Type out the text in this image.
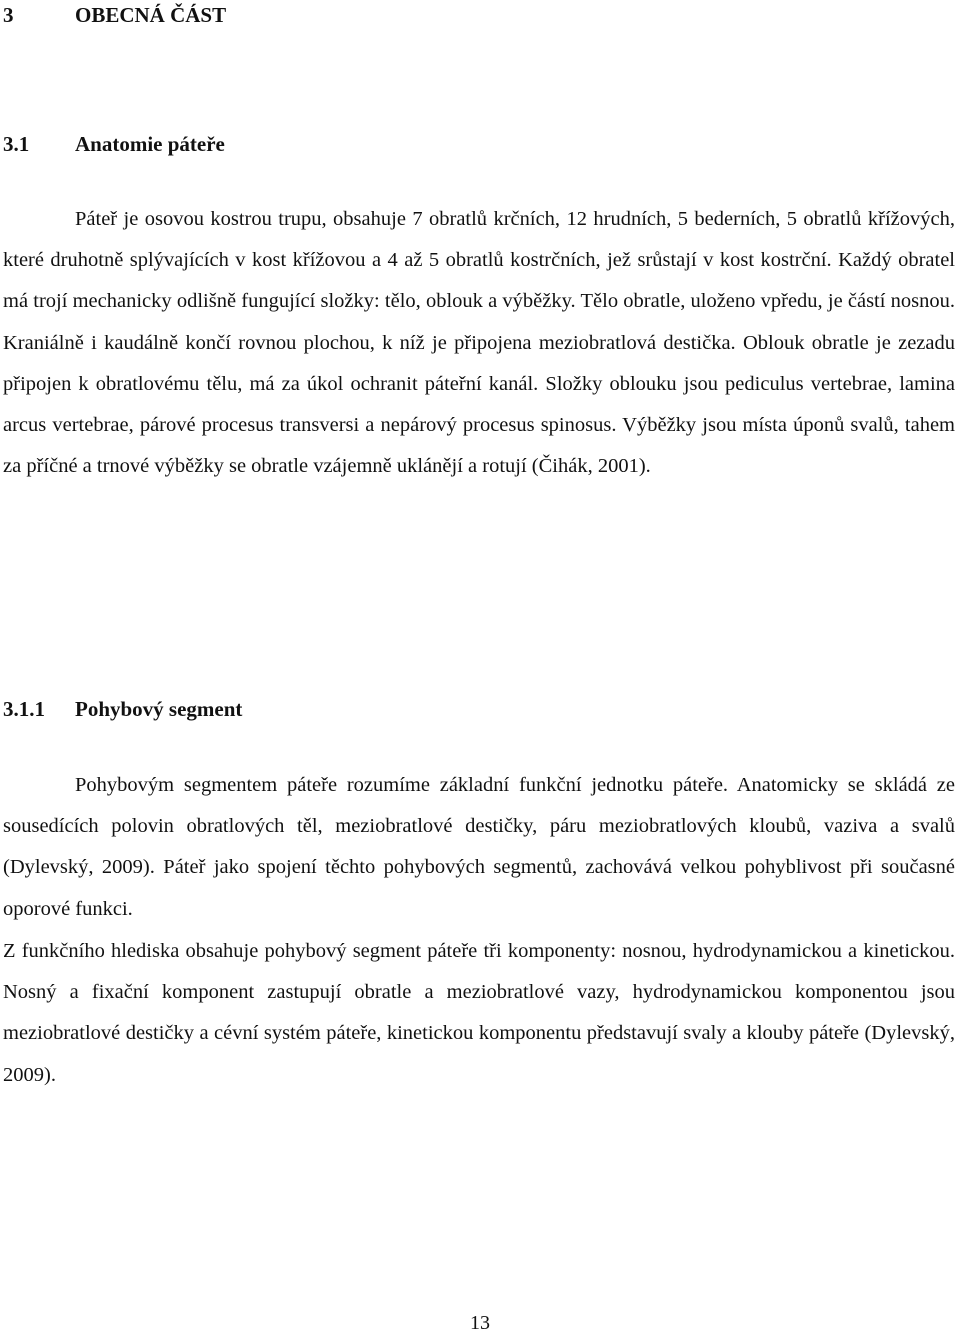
3	OBECNÁ ČÁST
3.1 Anatomie páteře

Páteř je osovou kostrou trupu, obsahuje 7 obratlů krčních, 12 hrudních, 5 bederních, 5 obratlů křížových, které druhotně splývajících v kost křížovou a 4 až 5 obratlů kostrčních, jež srůstají v kost kostrční. Každý obratel má trojí mechanicky odlišně fungující složky: tělo, oblouk a výběžky. Tělo obratle, uloženo vpředu, je částí nosnou. Kraniálně i kaudálně končí rovnou plochou, k níž je připojena meziobratlová destička. Oblouk obratle je zezadu připojen k obratlovému tělu, má za úkol ochranit páteřní kanál. Složky oblouku jsou pediculus vertebrae, lamina arcus vertebrae, párové procesus transversi a nepárový procesus spinosus. Výběžky jsou místa úponů svalů, tahem za příčné a trnové výběžky se obratle vzájemně uklánějí a rotují (Čihák, 2001).

3.1.1 Pohybový segment

Pohybovým segmentem páteře rozumíme základní funkční jednotku páteře. Anatomicky se skládá ze sousedících polovin obratlových těl, meziobratlové destičky, páru meziobratlových kloubů, vaziva a svalů (Dylevský, 2009). Páteř jako spojení těchto pohybových segmentů, zachovává velkou pohyblivost při současné oporové funkci.

Z funkčního hlediska obsahuje pohybový segment páteře tři komponenty: nosnou, hydrodynamickou a kinetickou. Nosný a fixační komponent zastupují obratle a meziobratlové vazy, hydrodynamickou komponentou jsou meziobratlové destičky a cévní systém páteře, kinetickou komponentu představují svaly a klouby páteře (Dylevský, 2009).

13
